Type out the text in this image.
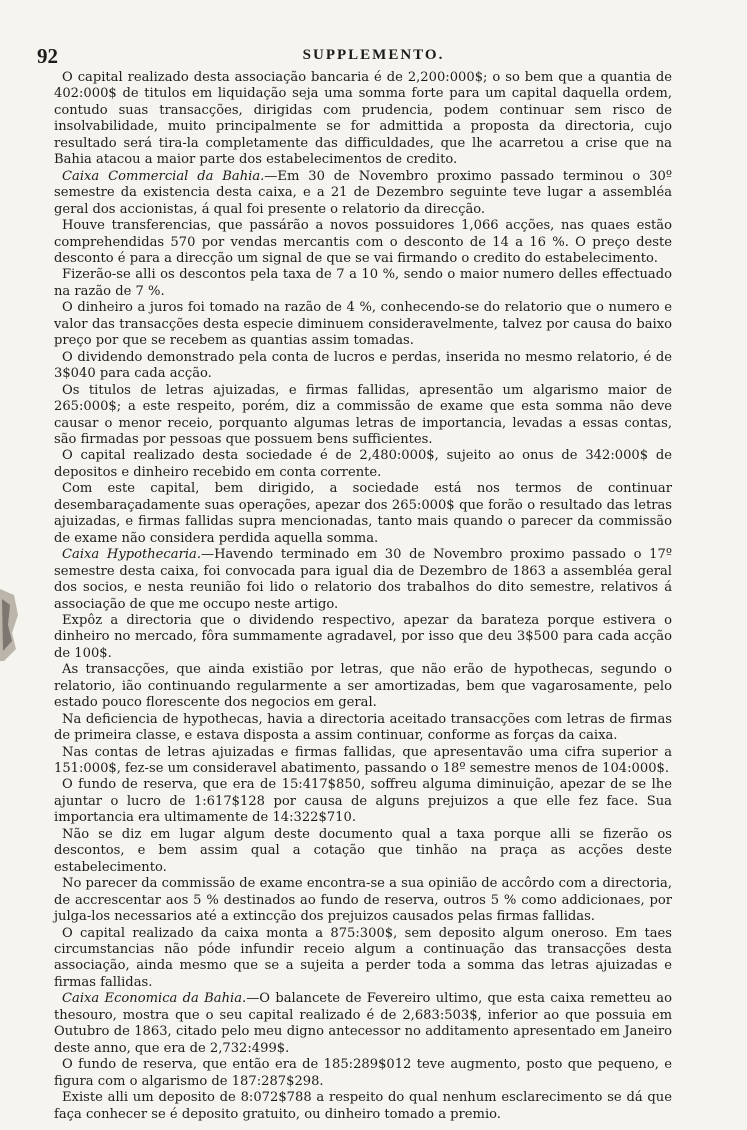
92	SUPPLEMENTO.

O capital realizado desta associação bancaria é de 2,200:000$; o so bem que a quantia de 402:000$ de titulos em liquidação seja uma somma forte para um capital daquella ordem, contudo suas transacções, dirigidas com prudencia, podem continuar sem risco de insolvabilidade, muito principalmente se for admittida a proposta da directoria, cujo resultado será tira-la completamente das difficuldades, que lhe acarretou a crise que na Bahia atacou a maior parte dos estabelecimentos de credito.

Caixa Commercial da Bahia.—Em 30 de Novembro proximo passado terminou o 30º semestre da existencia desta caixa, e a 21 de Dezembro seguinte teve lugar a assembléa geral dos accionistas, á qual foi presente o relatorio da direcção.

Houve transferencias, que passárão a novos possuidores 1,066 acções, nas quaes estão comprehendidas 570 por vendas mercantis com o desconto de 14 a 16 %. O preço deste desconto é para a direcção um signal de que se vai firmando o credito do estabelecimento.

Fizerão-se alli os descontos pela taxa de 7 a 10 %, sendo o maior numero delles effectuado na razão de 7 %.

O dinheiro a juros foi tomado na razão de 4 %, conhecendo-se do relatorio que o numero e valor das transacções desta especie diminuem consideravelmente, talvez por causa do baixo preço por que se recebem as quantias assim tomadas.

O dividendo demonstrado pela conta de lucros e perdas, inserida no mesmo relatorio, é de 3$040 para cada acção.

Os titulos de letras ajuizadas, e firmas fallidas, apresentão um algarismo maior de 265:000$; a este respeito, porém, diz a commissão de exame que esta somma não deve causar o menor receio, porquanto algumas letras de importancia, levadas a essas contas, são firmadas por pessoas que possuem bens sufficientes.

O capital realizado desta sociedade é de 2,480:000$, sujeito ao onus de 342:000$ de depositos e dinheiro recebido em conta corrente.

Com este capital, bem dirigido, a sociedade está nos termos de continuar desembaraçadamente suas operações, apezar dos 265:000$ que forão o resultado das letras ajuizadas, e firmas fallidas supra mencionadas, tanto mais quando o parecer da commissão de exame não considera perdida aquella somma.

Caixa Hypothecaria.—Havendo terminado em 30 de Novembro proximo passado o 17º semestre desta caixa, foi convocada para igual dia de Dezembro de 1863 a assembléa geral dos socios, e nesta reunião foi lido o relatorio dos trabalhos do dito semestre, relativos á associação de que me occupo neste artigo.

Expôz a directoria que o dividendo respectivo, apezar da barateza porque estivera o dinheiro no mercado, fôra summamente agradavel, por isso que deu 3$500 para cada acção de 100$.

As transacções, que ainda existião por letras, que não erão de hypothecas, segundo o relatorio, ião continuando regularmente a ser amortizadas, bem que vagarosamente, pelo estado pouco florescente dos negocios em geral.

Na deficiencia de hypothecas, havia a directoria aceitado transacções com letras de firmas de primeira classe, e estava disposta a assim continuar, conforme as forças da caixa.

Nas contas de letras ajuizadas e firmas fallidas, que apresentavão uma cifra superior a 151:000$, fez-se um consideravel abatimento, passando o 18º semestre menos de 104:000$.

O fundo de reserva, que era de 15:417$850, soffreu alguma diminuição, apezar de se lhe ajuntar o lucro de 1:617$128 por causa de alguns prejuizos a que elle fez face. Sua importancia era ultimamente de 14:322$710.

Não se diz em lugar algum deste documento qual a taxa porque alli se fizerão os descontos, e bem assim qual a cotação que tinhão na praça as acções deste estabelecimento.

No parecer da commissão de exame encontra-se a sua opinião de accôrdo com a directoria, de accrescentar aos 5 % destinados ao fundo de reserva, outros 5 % como addicionaes, por julga-los necessarios até a extincção dos prejuizos causados pelas firmas fallidas.

O capital realizado da caixa monta a 875:300$, sem deposito algum oneroso. Em taes circumstancias não póde infundir receio algum a continuação das transacções desta associação, ainda mesmo que se a sujeita a perder toda a somma das letras ajuizadas e firmas fallidas.

Caixa Economica da Bahia.—O balancete de Fevereiro ultimo, que esta caixa remetteu ao thesouro, mostra que o seu capital realizado é de 2,683:503$, inferior ao que possuia em Outubro de 1863, citado pelo meu digno antecessor no additamento apresentado em Janeiro deste anno, que era de 2,732:499$.

O fundo de reserva, que então era de 185:289$012 teve augmento, posto que pequeno, e figura com o algarismo de 187:287$298.

Existe alli um deposito de 8:072$788 a respeito do qual nenhum esclarecimento se dá que faça conhecer se é deposito gratuito, ou dinheiro tomado a premio.
